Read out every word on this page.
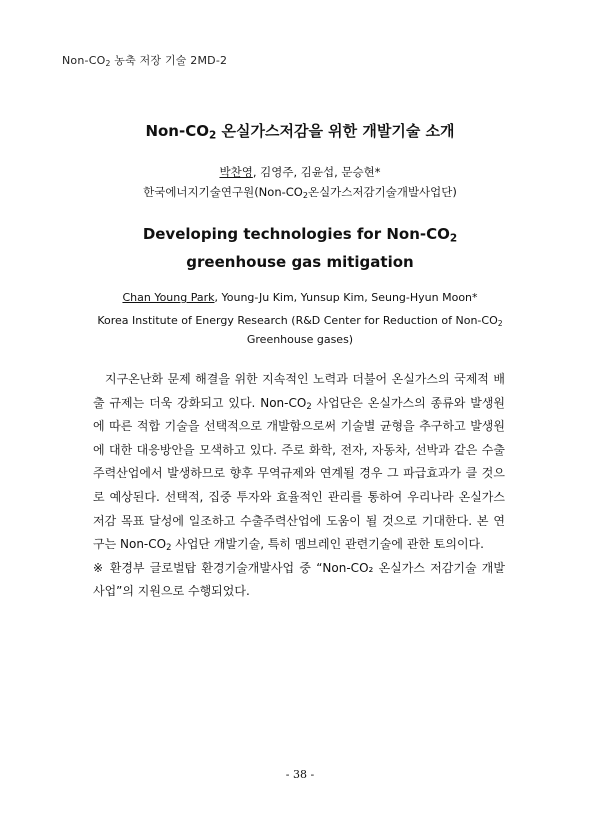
Non-$CO_2$ 농축 저장 기술 2MD-2
Non-$CO_2$ 온실가스저감을 위한 개발기술 소개
박찬영, 김영주, 김윤섭, 문승현*
한국에너지기술연구원($Non-CO_2$온실가스저감기술개발사업단)
Developing technologies for Non-$CO_2$ greenhouse gas mitigation
Chan Young Park, Young-Ju Kim, Yunsup Kim, Seung-Hyun Moon*
Korea Institute of Energy Research (R&D Center for Reduction of Non-$CO_2$ Greenhouse gases)

지구온난화 문제 해결을 위한 지속적인 노력과 더불어 온실가스의 국제적 배출 규제는 더욱 강화되고 있다. Non-$CO_2$ 사업단은 온실가스의 종류와 발생원에 따른 적합 기술을 선택적으로 개발함으로써 기술별 균형을 추구하고 발생원에 대한 대응방안을 모색하고 있다. 주로 화학, 전자, 자동차, 선박과 같은 수출주력산업에서 발생하므로 향후 무역규제와 연계될 경우 그 파급효과가 클 것으로 예상된다. 선택적, 집중 투자와 효율적인 관리를 통하여 우리나라 온실가스저감 목표 달성에 일조하고 수출주력산업에 도움이 될 것으로 기대한다. 본 연구는 Non-$CO_2$ 사업단 개발기술, 특히 멤브레인 관련기술에 관한 토의이다.

※ 환경부 글로벌탑 환경기술개발사업 중 “Non-CO₂ 온실가스 저감기술 개발 사업”의 지원으로 수행되었다.

- 38 -
